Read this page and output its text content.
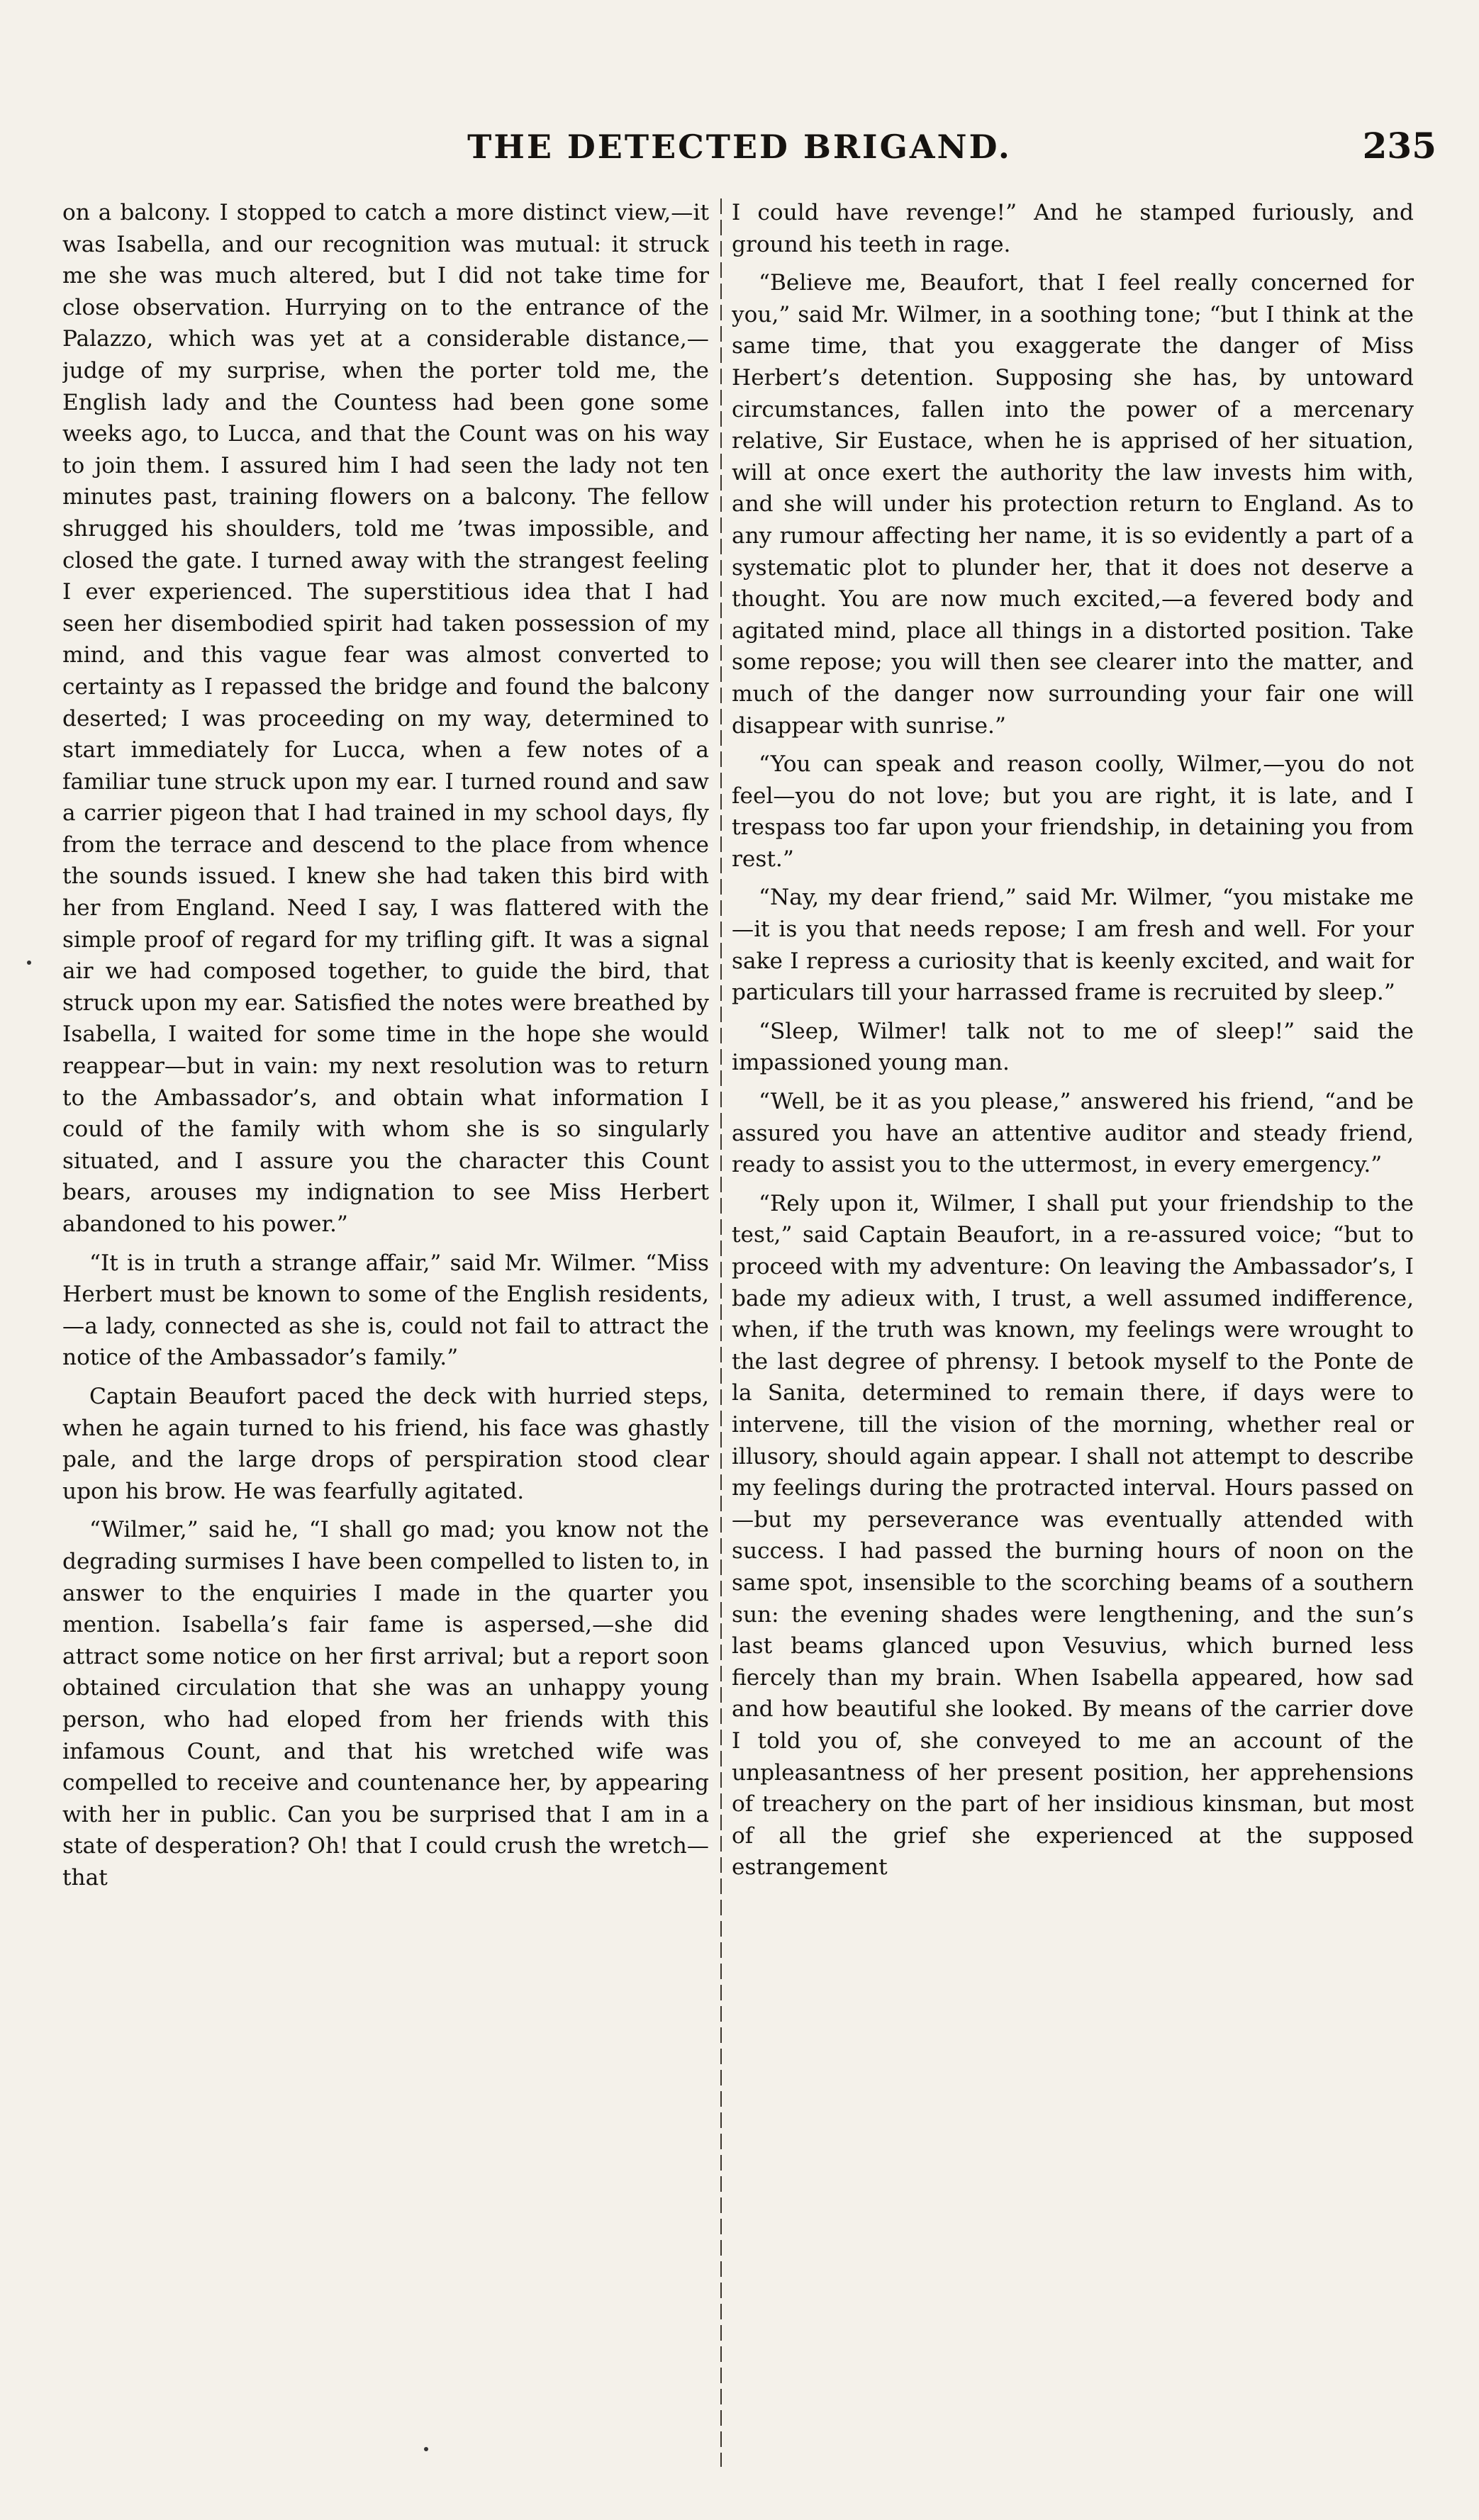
THE DETECTED BRIGAND.	235

on a balcony. I stopped to catch a more distinct view,—it was Isabella, and our recognition was mutual: it struck me she was much altered, but I did not take time for close observation. Hurrying on to the entrance of the Palazzo, which was yet at a considerable distance,—judge of my surprise, when the porter told me, the English lady and the Countess had been gone some weeks ago, to Lucca, and that the Count was on his way to join them. I assured him I had seen the lady not ten minutes past, training flowers on a balcony. The fellow shrugged his shoulders, told me ’twas impossible, and closed the gate. I turned away with the strangest feeling I ever experienced. The superstitious idea that I had seen her disembodied spirit had taken possession of my mind, and this vague fear was almost converted to certainty as I repassed the bridge and found the balcony deserted; I was proceeding on my way, determined to start immediately for Lucca, when a few notes of a familiar tune struck upon my ear. I turned round and saw a carrier pigeon that I had trained in my school days, fly from the terrace and descend to the place from whence the sounds issued. I knew she had taken this bird with her from England. Need I say, I was flattered with the simple proof of regard for my trifling gift. It was a signal air we had composed together, to guide the bird, that struck upon my ear. Satisfied the notes were breathed by Isabella, I waited for some time in the hope she would reappear—but in vain: my next resolution was to return to the Ambassador’s, and obtain what information I could of the family with whom she is so singularly situated, and I assure you the character this Count bears, arouses my indignation to see Miss Herbert abandoned to his power.”

“It is in truth a strange affair,” said Mr. Wilmer. “Miss Herbert must be known to some of the English residents,—a lady, connected as she is, could not fail to attract the notice of the Ambassador’s family.”

Captain Beaufort paced the deck with hurried steps, when he again turned to his friend, his face was ghastly pale, and the large drops of perspiration stood clear upon his brow. He was fearfully agitated.

“Wilmer,” said he, “I shall go mad; you know not the degrading surmises I have been compelled to listen to, in answer to the enquiries I made in the quarter you mention. Isabella’s fair fame is aspersed,—she did attract some notice on her first arrival; but a report soon obtained circulation that she was an unhappy young person, who had eloped from her friends with this infamous Count, and that his wretched wife was compelled to receive and countenance her, by appearing with her in public. Can you be surprised that I am in a state of desperation? Oh! that I could crush the wretch—that

I could have revenge!” And he stamped furiously, and ground his teeth in rage.

“Believe me, Beaufort, that I feel really concerned for you,” said Mr. Wilmer, in a soothing tone; “but I think at the same time, that you exaggerate the danger of Miss Herbert’s detention. Supposing she has, by untoward circumstances, fallen into the power of a mercenary relative, Sir Eustace, when he is apprised of her situation, will at once exert the authority the law invests him with, and she will under his protection return to England. As to any rumour affecting her name, it is so evidently a part of a systematic plot to plunder her, that it does not deserve a thought. You are now much excited,—a fevered body and agitated mind, place all things in a distorted position. Take some repose; you will then see clearer into the matter, and much of the danger now surrounding your fair one will disappear with sunrise.”

“You can speak and reason coolly, Wilmer,—you do not feel—you do not love; but you are right, it is late, and I trespass too far upon your friendship, in detaining you from rest.”

“Nay, my dear friend,” said Mr. Wilmer, “you mistake me—it is you that needs repose; I am fresh and well. For your sake I repress a curiosity that is keenly excited, and wait for particulars till your harrassed frame is recruited by sleep.”

“Sleep, Wilmer! talk not to me of sleep!” said the impassioned young man.

“Well, be it as you please,” answered his friend, “and be assured you have an attentive auditor and steady friend, ready to assist you to the uttermost, in every emergency.”

“Rely upon it, Wilmer, I shall put your friendship to the test,” said Captain Beaufort, in a re-assured voice; “but to proceed with my adventure: On leaving the Ambassador’s, I bade my adieux with, I trust, a well assumed indifference, when, if the truth was known, my feelings were wrought to the last degree of phrensy. I betook myself to the Ponte de la Sanita, determined to remain there, if days were to intervene, till the vision of the morning, whether real or illusory, should again appear. I shall not attempt to describe my feelings during the protracted interval. Hours passed on—but my perseverance was eventually attended with success. I had passed the burning hours of noon on the same spot, insensible to the scorching beams of a southern sun: the evening shades were lengthening, and the sun’s last beams glanced upon Vesuvius, which burned less fiercely than my brain. When Isabella appeared, how sad and how beautiful she looked. By means of the carrier dove I told you of, she conveyed to me an account of the unpleasantness of her present position, her apprehensions of treachery on the part of her insidious kinsman, but most of all the grief she experienced at the supposed estrangement
